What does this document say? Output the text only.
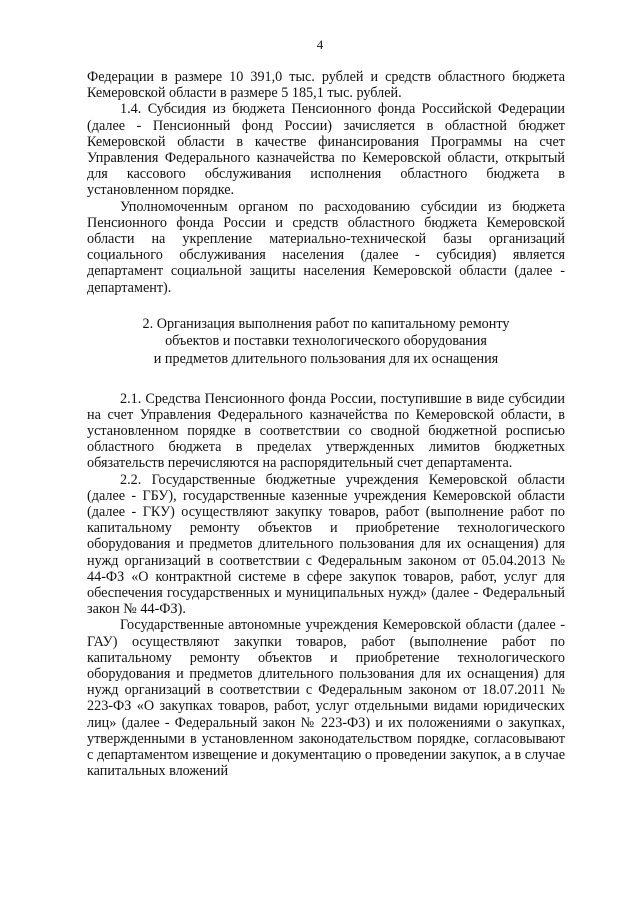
4

Федерации в размере 10 391,0 тыс. рублей и средств областного бюджета Кемеровской области в размере 5 185,1 тыс. рублей.

1.4. Субсидия из бюджета Пенсионного фонда Российской Федерации (далее - Пенсионный фонд России) зачисляется в областной бюджет Кемеровской области в качестве финансирования Программы на счет Управления Федерального казначейства по Кемеровской области, открытый для кассового обслуживания исполнения областного бюджета в установленном порядке.

Уполномоченным органом по расходованию субсидии из бюджета Пенсионного фонда России и средств областного бюджета Кемеровской области на укрепление материально-технической базы организаций социального обслуживания населения (далее - субсидия) является департамент социальной защиты населения Кемеровской области (далее - департамент).

2. Организация выполнения работ по капитальному ремонту
объектов и поставки технологического оборудования
и предметов длительного пользования для их оснащения

2.1. Средства Пенсионного фонда России, поступившие в виде субсидии на счет Управления Федерального казначейства по Кемеровской области, в установленном порядке в соответствии со сводной бюджетной росписью областного бюджета в пределах утвержденных лимитов бюджетных обязательств перечисляются на распорядительный счет департамента.

2.2. Государственные бюджетные учреждения Кемеровской области (далее - ГБУ), государственные казенные учреждения Кемеровской области (далее - ГКУ) осуществляют закупку товаров, работ (выполнение работ по капитальному ремонту объектов и приобретение технологического оборудования и предметов длительного пользования для их оснащения) для нужд организаций в соответствии с Федеральным законом от 05.04.2013 № 44-ФЗ «О контрактной системе в сфере закупок товаров, работ, услуг для обеспечения государственных и муниципальных нужд» (далее - Федеральный закон № 44-ФЗ).

Государственные автономные учреждения Кемеровской области (далее - ГАУ) осуществляют закупки товаров, работ (выполнение работ по капитальному ремонту объектов и приобретение технологического оборудования и предметов длительного пользования для их оснащения) для нужд организаций в соответствии с Федеральным законом от 18.07.2011 № 223-ФЗ «О закупках товаров, работ, услуг отдельными видами юридических лиц» (далее - Федеральный закон № 223-ФЗ) и их положениями о закупках, утвержденными в установленном законодательством порядке, согласовывают с департаментом извещение и документацию о проведении закупок, а в случае капитальных вложений
